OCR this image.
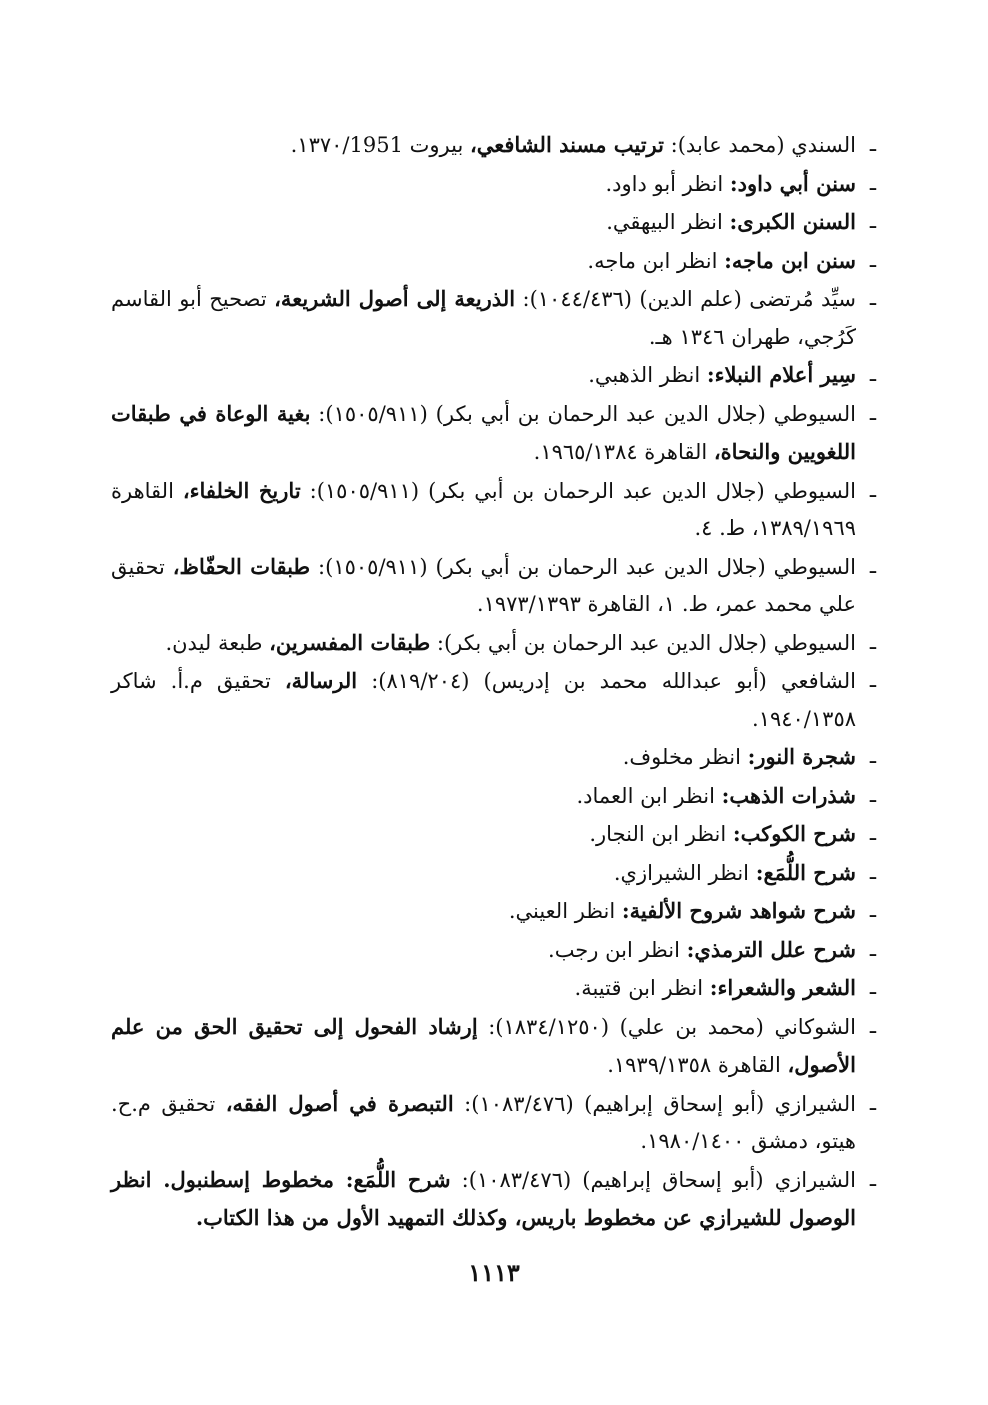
ـ
السندي (محمد عابد): ترتيب مسند الشافعي، بيروت ١٣٧٠/1951.

ـ
سنن أبي داود: انظر أبو داود.

ـ
السنن الكبرى: انظر البيهقي.

ـ
سنن ابن ماجه: انظر ابن ماجه.

ـ
سيِّد مُرتضى (علم الدين) (١٠٤٤/٤٣٦): الذريعة إلى أصول الشريعة، تصحيح أبو القاسم كَرُجي، طهران ١٣٤٦ هـ.

ـ
سِير أعلام النبلاء: انظر الذهبي.

ـ
السيوطي (جلال الدين عبد الرحمان بن أبي بكر) (١٥٠٥/٩١١): بغية الوعاة في طبقات اللغويين والنحاة، القاهرة ١٩٦٥/١٣٨٤.

ـ
السيوطي (جلال الدين عبد الرحمان بن أبي بكر) (١٥٠٥/٩١١): تاريخ الخلفاء، القاهرة ١٣٨٩/١٩٦٩، ط. ٤.

ـ
السيوطي (جلال الدين عبد الرحمان بن أبي بكر) (١٥٠٥/٩١١): طبقات الحفّاظ، تحقيق علي محمد عمر، ط. ١، القاهرة ١٩٧٣/١٣٩٣.

ـ
السيوطي (جلال الدين عبد الرحمان بن أبي بكر): طبقات المفسرين، طبعة ليدن.

ـ
الشافعي (أبو عبدالله محمد بن إدريس) (٨١٩/٢٠٤): الرسالة، تحقيق م.أ. شاكر ١٩٤٠/١٣٥٨.

ـ
شجرة النور: انظر مخلوف.

ـ
شذرات الذهب: انظر ابن العماد.

ـ
شرح الكوكب: انظر ابن النجار.

ـ
شرح اللُّمَع: انظر الشيرازي.

ـ
شرح شواهد شروح الألفية: انظر العيني.

ـ
شرح علل الترمذي: انظر ابن رجب.

ـ
الشعر والشعراء: انظر ابن قتيبة.

ـ
الشوكاني (محمد بن علي) (١٨٣٤/١٢٥٠): إرشاد الفحول إلى تحقيق الحق من علم الأصول، القاهرة ١٩٣٩/١٣٥٨.

ـ
الشيرازي (أبو إسحاق إبراهيم) (١٠٨٣/٤٧٦): التبصرة في أصول الفقه، تحقيق م.ح. هيتو، دمشق ١٩٨٠/١٤٠٠.

ـ
الشيرازي (أبو إسحاق إبراهيم) (١٠٨٣/٤٧٦): شرح اللُّمَع: مخطوط إسطنبول. انظر الوصول للشيرازي عن مخطوط باريس، وكذلك التمهيد الأول من هذا الكتاب.

١١١٣
